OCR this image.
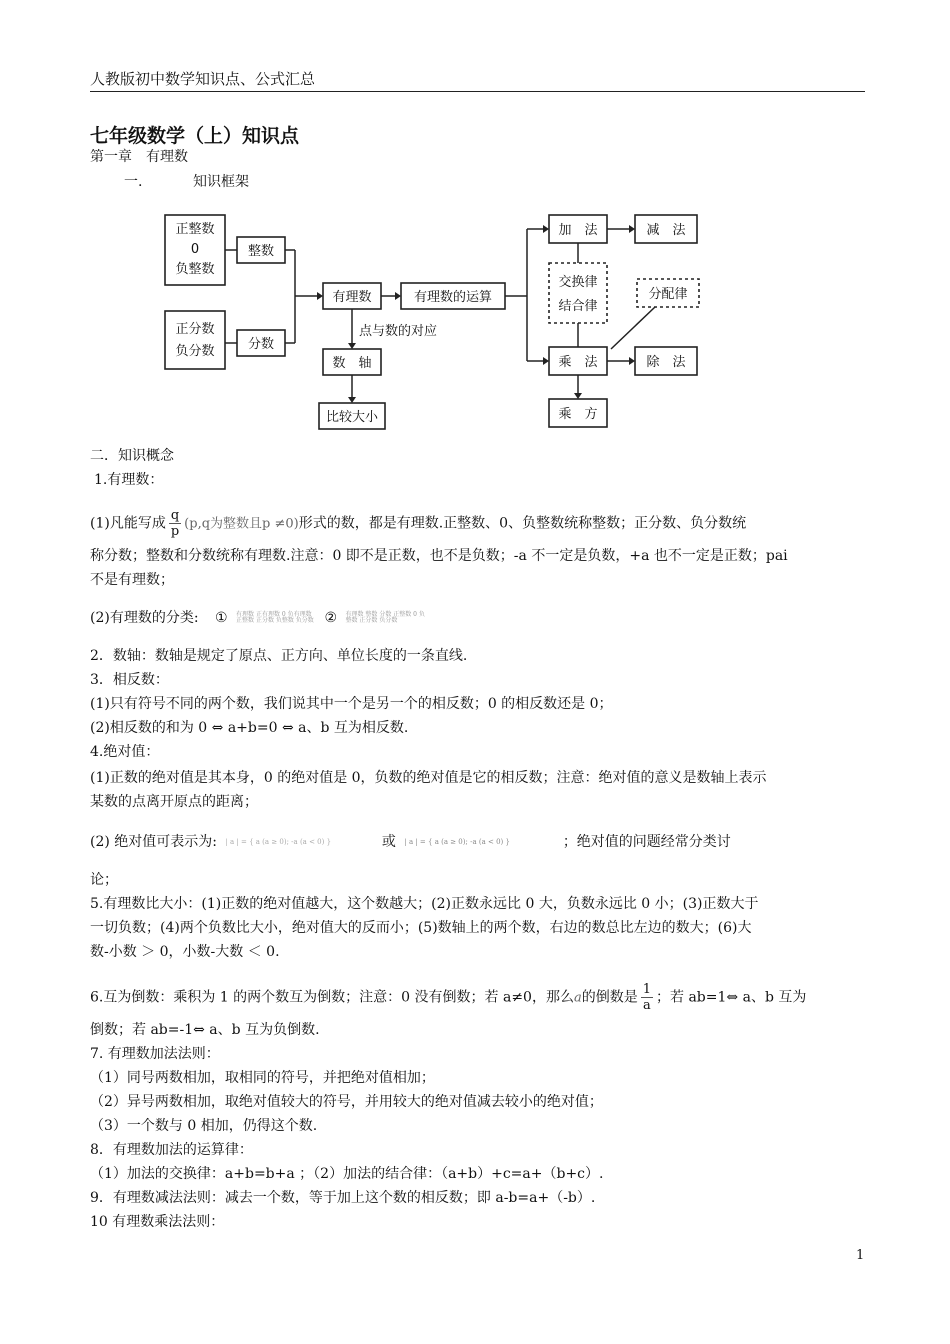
人教版初中数学知识点、公式汇总
七年级数学（上）知识点
第一章　有理数
一.	知识框架
正整数
0
负整数
正分数
负分数
整数
分数
有理数	有理数的运算
点与数的对应
数　轴
比较大小
加　法	减　法
交换律
结合律
分配律
乘　法	除　法
乘　方
二．知识概念
1.有理数：
(1)凡能写成 $\frac{q}{p} (p,q$为整数且p ≠0)形式的数，都是有理数.正整数、0、负整数统称整数；正分数、负分数统
称分数；整数和分数统称有理数.注意：0 即不是正数，也不是负数；-a 不一定是负数，+a 也不一定是正数；pai
不是有理数；
(2)有理数的分类: ① 有理数 正有理数 0 负有理数 正整数 正分数 负整数 负分数 ② 有理数 整数 分数 正整数 0 负整数 正分数 负分数
2．数轴：数轴是规定了原点、正方向、单位长度的一条直线.
3．相反数：
(1)只有符号不同的两个数，我们说其中一个是另一个的相反数；0 的相反数还是 0；
(2)相反数的和为 0 ⇔ a+b=0 ⇔ a、b 互为相反数.
4.绝对值：
(1)正数的绝对值是其本身，0 的绝对值是 0，负数的绝对值是它的相反数；注意：绝对值的意义是数轴上表示
某数的点离开原点的距离；
(2) 绝对值可表示为: | a | = { a (a ≥ 0); -a (a < 0) }	或 | a | = { a (a ≥ 0); -a (a < 0) }	；绝对值的问题经常分类讨
论；
5.有理数比大小：(1)正数的绝对值越大，这个数越大；(2)正数永远比 0 大，负数永远比 0 小；(3)正数大于
一切负数；(4)两个负数比大小，绝对值大的反而小；(5)数轴上的两个数，右边的数总比左边的数大；(6)大
数-小数 ＞ 0，小数-大数 ＜ 0.
6.互为倒数：乘积为 1 的两个数互为倒数；注意：0 没有倒数；若 a≠0，那么a的倒数是 $\frac{1}{a}$ ；若 ab=1⇔ a、b 互为
倒数；若 ab=-1⇔ a、b 互为负倒数.
7. 有理数加法法则：
（1）同号两数相加，取相同的符号，并把绝对值相加；
（2）异号两数相加，取绝对值较大的符号，并用较大的绝对值减去较小的绝对值；
（3）一个数与 0 相加，仍得这个数.
8．有理数加法的运算律：
（1）加法的交换律：a+b=b+a ；（2）加法的结合律：（a+b）+c=a+（b+c）.
9．有理数减法法则：减去一个数，等于加上这个数的相反数；即 a-b=a+（-b）.
10 有理数乘法法则：
1
